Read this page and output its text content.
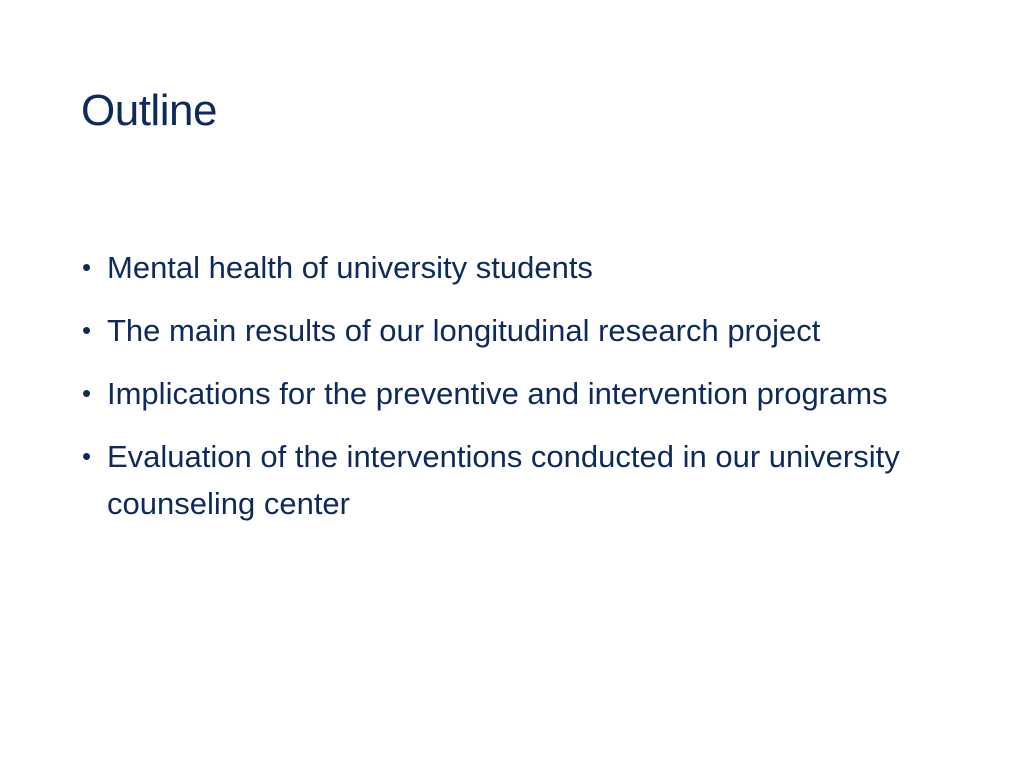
Outline
• Mental health of university students
• The main results of our longitudinal research project
• Implications for the preventive and intervention programs
• Evaluation of the interventions conducted in our university counseling center
